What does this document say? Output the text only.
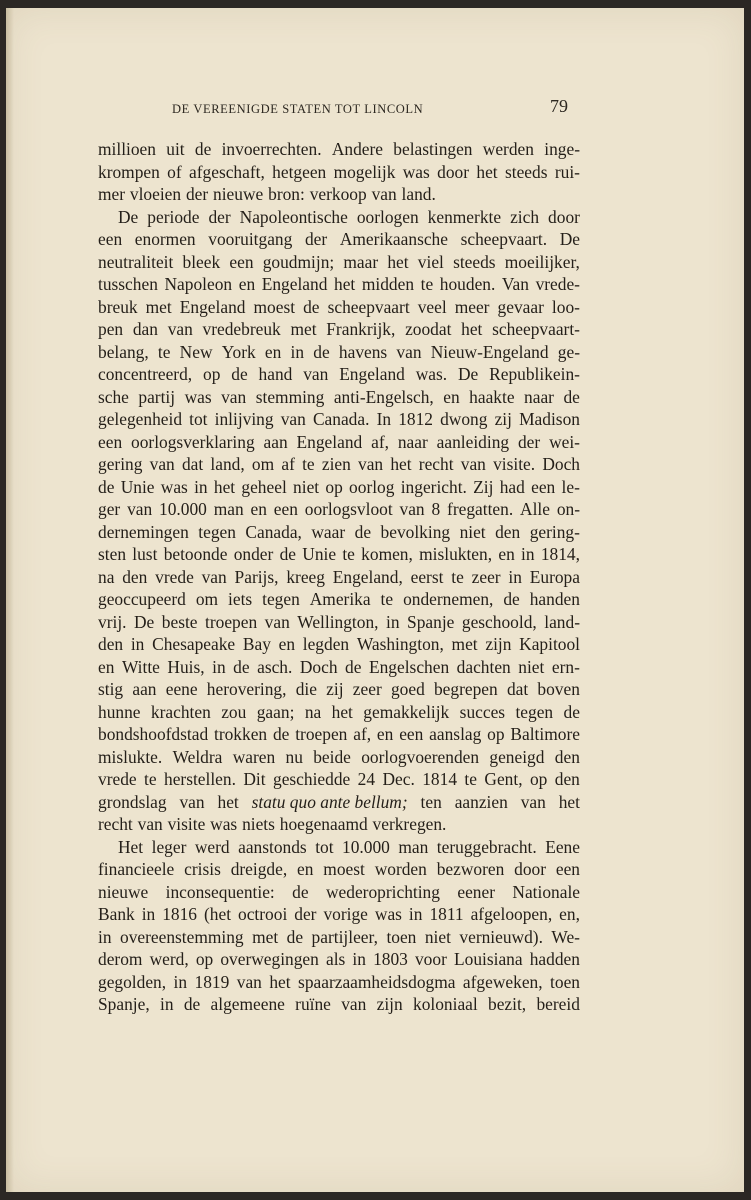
DE VEREENIGDE STATEN TOT LINCOLN	79
millioen uit de invoerrechten. Andere belastingen werden inge-
krompen of afgeschaft, hetgeen mogelijk was door het steeds rui-
mer vloeien der nieuwe bron: verkoop van land.
De periode der Napoleontische oorlogen kenmerkte zich door
een enormen vooruitgang der Amerikaansche scheepvaart. De
neutraliteit bleek een goudmijn; maar het viel steeds moeilijker,
tusschen Napoleon en Engeland het midden te houden. Van vrede-
breuk met Engeland moest de scheepvaart veel meer gevaar loo-
pen dan van vredebreuk met Frankrijk, zoodat het scheepvaart-
belang, te New York en in de havens van Nieuw-Engeland ge-
concentreerd, op de hand van Engeland was. De Republikein-
sche partij was van stemming anti-Engelsch, en haakte naar de
gelegenheid tot inlijving van Canada. In 1812 dwong zij Madison
een oorlogsverklaring aan Engeland af, naar aanleiding der wei-
gering van dat land, om af te zien van het recht van visite. Doch
de Unie was in het geheel niet op oorlog ingericht. Zij had een le-
ger van 10.000 man en een oorlogsvloot van 8 fregatten. Alle on-
dernemingen tegen Canada, waar de bevolking niet den gering-
sten lust betoonde onder de Unie te komen, mislukten, en in 1814,
na den vrede van Parijs, kreeg Engeland, eerst te zeer in Europa
geoccupeerd om iets tegen Amerika te ondernemen, de handen
vrij. De beste troepen van Wellington, in Spanje geschoold, land-
den in Chesapeake Bay en legden Washington, met zijn Kapitool
en Witte Huis, in de asch. Doch de Engelschen dachten niet ern-
stig aan eene herovering, die zij zeer goed begrepen dat boven
hunne krachten zou gaan; na het gemakkelijk succes tegen de
bondshoofdstad trokken de troepen af, en een aanslag op Baltimore
mislukte. Weldra waren nu beide oorlogvoerenden geneigd den
vrede te herstellen. Dit geschiedde 24 Dec. 1814 te Gent, op den
grondslag van het statu quo ante bellum; ten aanzien van het
recht van visite was niets hoegenaamd verkregen.
Het leger werd aanstonds tot 10.000 man teruggebracht. Eene
financieele crisis dreigde, en moest worden bezworen door een
nieuwe inconsequentie: de wederoprichting eener Nationale
Bank in 1816 (het octrooi der vorige was in 1811 afgeloopen, en,
in overeenstemming met de partijleer, toen niet vernieuwd). We-
derom werd, op overwegingen als in 1803 voor Louisiana hadden
gegolden, in 1819 van het spaarzaamheidsdogma afgeweken, toen
Spanje, in de algemeene ruïne van zijn koloniaal bezit, bereid
